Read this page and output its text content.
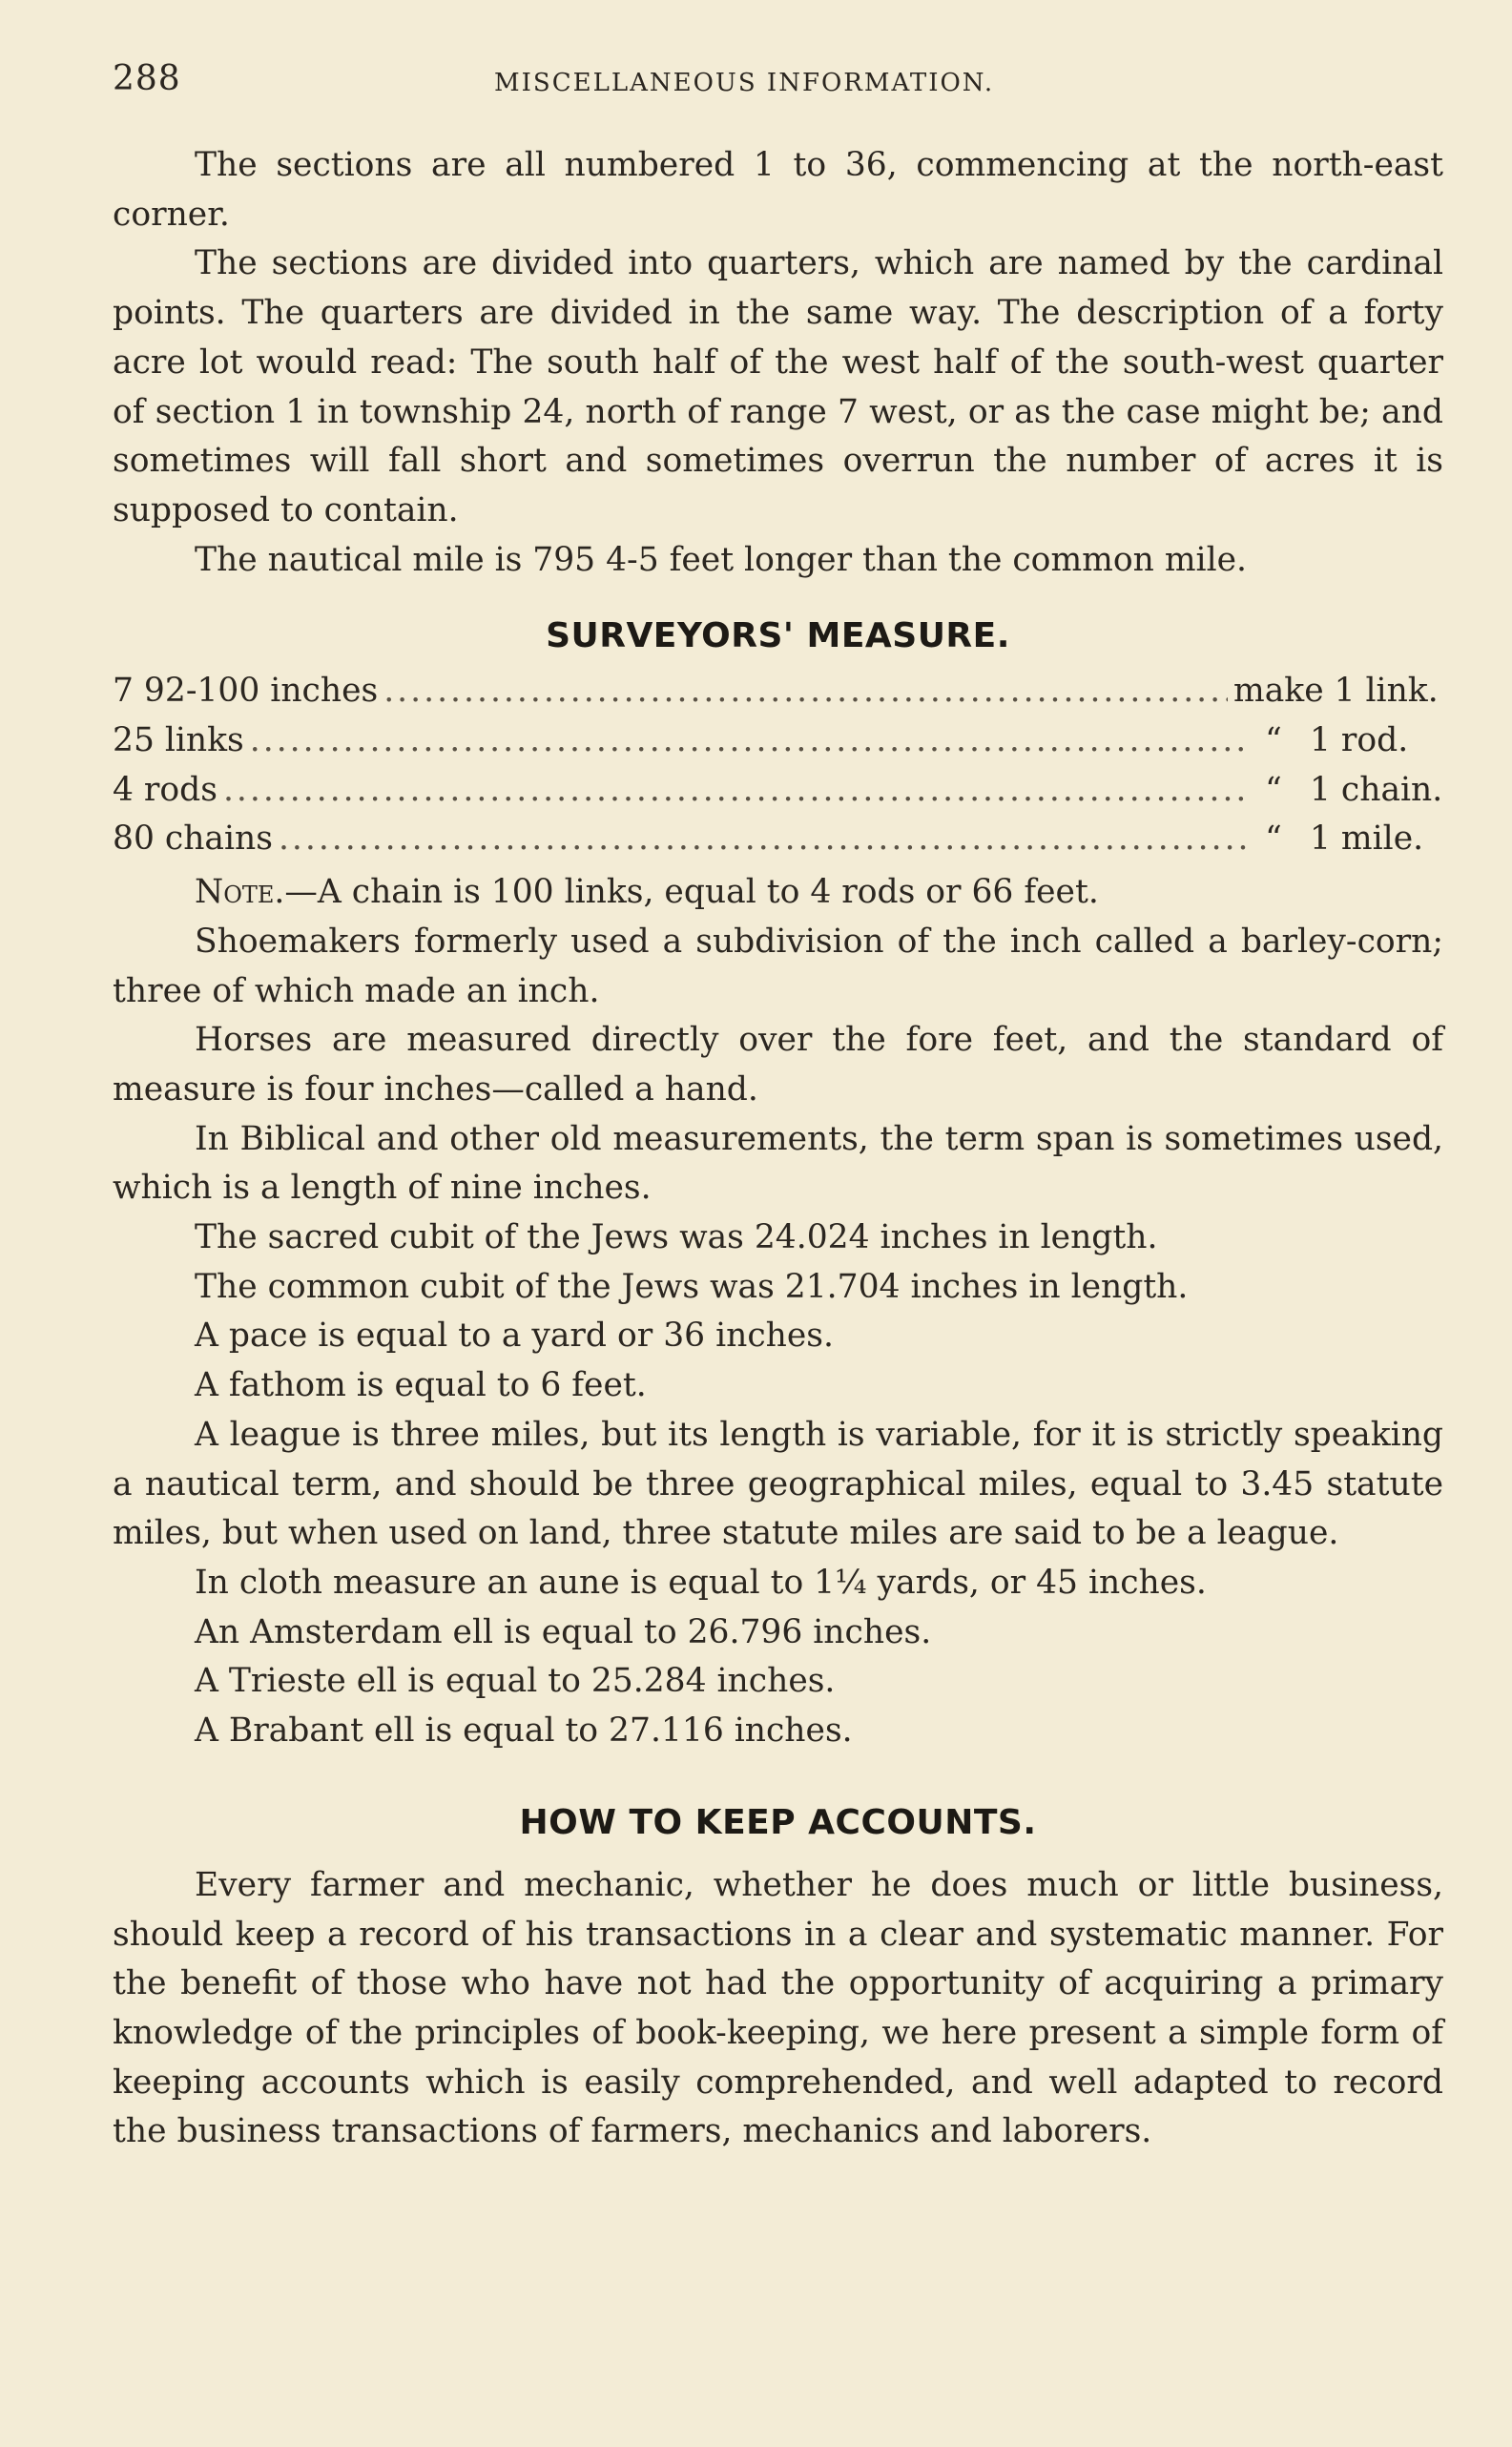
288	MISCELLANEOUS INFORMATION.

The sections are all numbered 1 to 36, commencing at the north-east corner.

The sections are divided into quarters, which are named by the cardinal points. The quarters are divided in the same way. The description of a forty acre lot would read: The south half of the west half of the south-west quarter of section 1 in township 24, north of range 7 west, or as the case might be; and sometimes will fall short and sometimes overrun the number of acres it is supposed to contain.

The nautical mile is 795 4-5 feet longer than the common mile.

SURVEYORS' MEASURE.
7 92-100 inches .....	make 1 link.
25 links .....	“ 1 rod.
4 rods .....	“ 1 chain.
80 chains .....	“ 1 mile.

Note.—A chain is 100 links, equal to 4 rods or 66 feet.

Shoemakers formerly used a subdivision of the inch called a barley-corn; three of which made an inch.

Horses are measured directly over the fore feet, and the standard of measure is four inches—called a hand.

In Biblical and other old measurements, the term span is sometimes used, which is a length of nine inches.

The sacred cubit of the Jews was 24.024 inches in length.

The common cubit of the Jews was 21.704 inches in length.

A pace is equal to a yard or 36 inches.

A fathom is equal to 6 feet.

A league is three miles, but its length is variable, for it is strictly speaking a nautical term, and should be three geographical miles, equal to 3.45 statute miles, but when used on land, three statute miles are said to be a league.

In cloth measure an aune is equal to 1¼ yards, or 45 inches.

An Amsterdam ell is equal to 26.796 inches.

A Trieste ell is equal to 25.284 inches.

A Brabant ell is equal to 27.116 inches.

HOW TO KEEP ACCOUNTS.

Every farmer and mechanic, whether he does much or little business, should keep a record of his transactions in a clear and systematic manner. For the benefit of those who have not had the opportunity of acquiring a primary knowledge of the principles of book-keeping, we here present a simple form of keeping accounts which is easily comprehended, and well adapted to record the business transactions of farmers, mechanics and laborers.
